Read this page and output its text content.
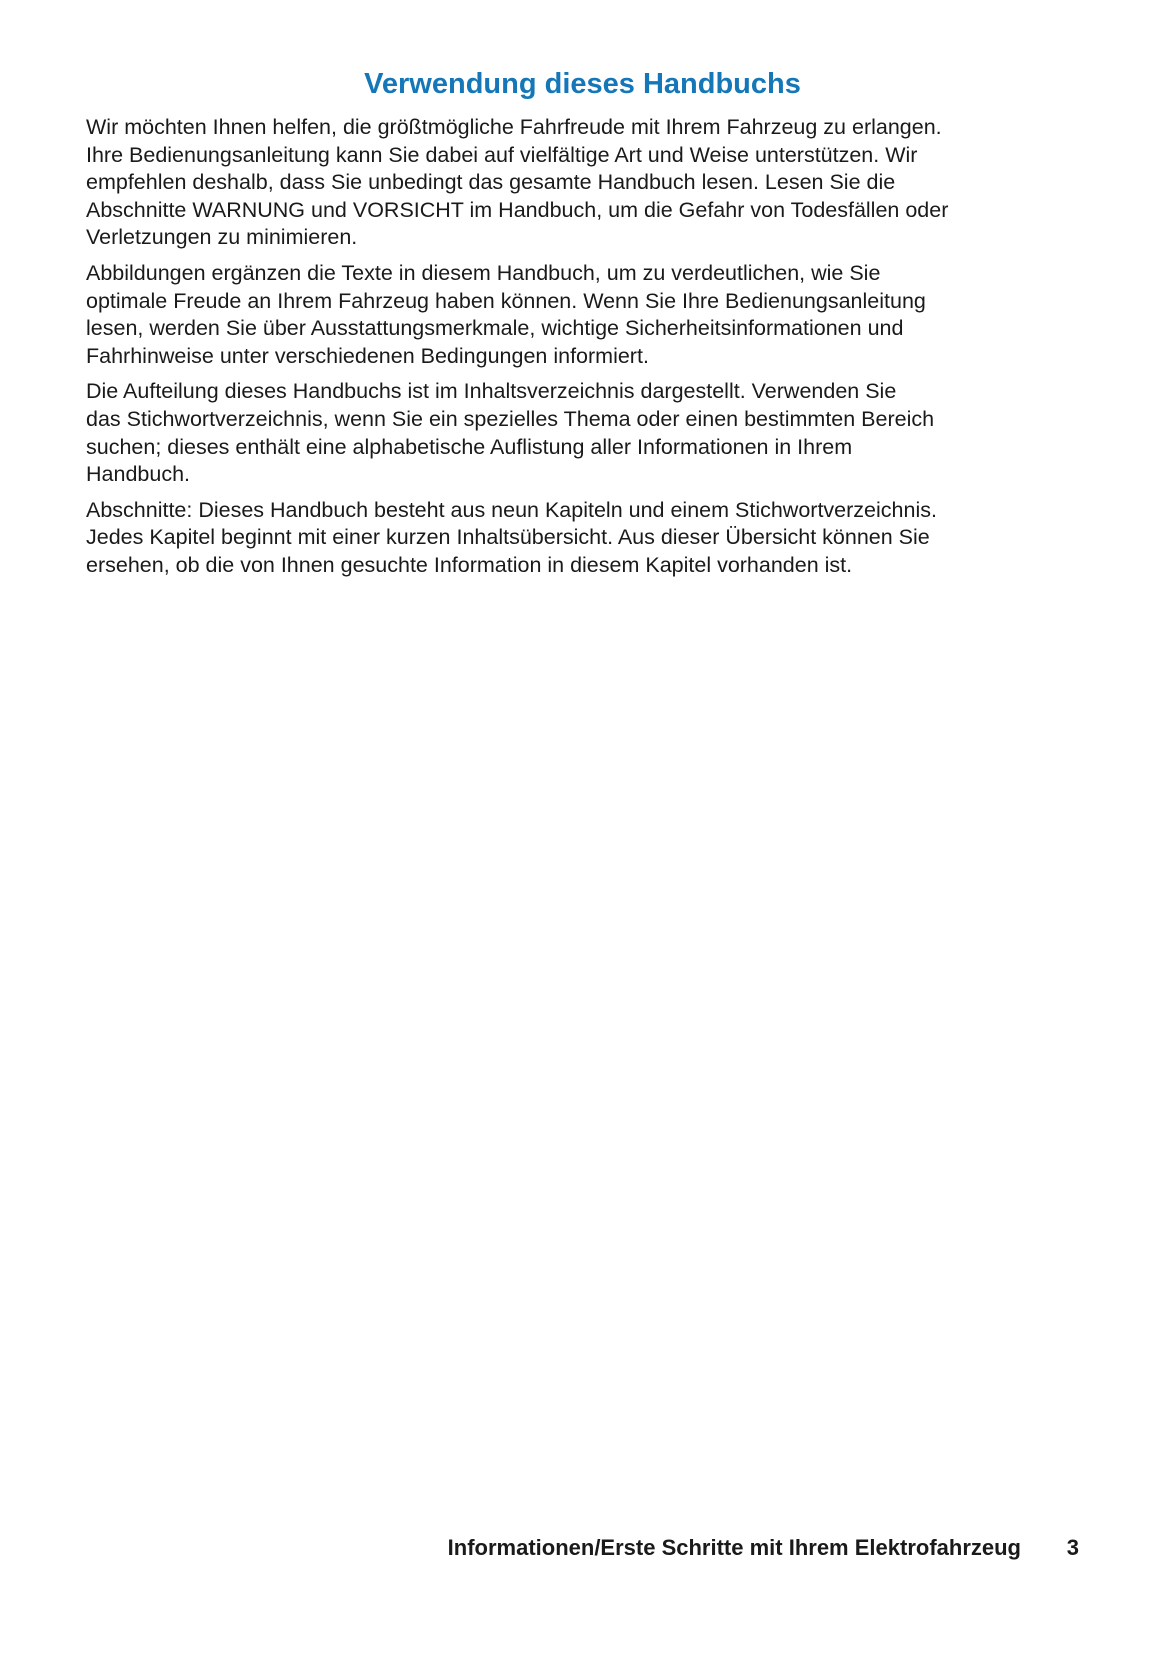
Verwendung dieses Handbuchs

Wir möchten Ihnen helfen, die größtmögliche Fahrfreude mit Ihrem Fahrzeug zu erlangen.
Ihre Bedienungsanleitung kann Sie dabei auf vielfältige Art und Weise unterstützen. Wir
empfehlen deshalb, dass Sie unbedingt das gesamte Handbuch lesen. Lesen Sie die
Abschnitte WARNUNG und VORSICHT im Handbuch, um die Gefahr von Todesfällen oder
Verletzungen zu minimieren.

Abbildungen ergänzen die Texte in diesem Handbuch, um zu verdeutlichen, wie Sie
optimale Freude an Ihrem Fahrzeug haben können. Wenn Sie Ihre Bedienungsanleitung
lesen, werden Sie über Ausstattungsmerkmale, wichtige Sicherheitsinformationen und
Fahrhinweise unter verschiedenen Bedingungen informiert.

Die Aufteilung dieses Handbuchs ist im Inhaltsverzeichnis dargestellt. Verwenden Sie
das Stichwortverzeichnis, wenn Sie ein spezielles Thema oder einen bestimmten Bereich
suchen; dieses enthält eine alphabetische Auflistung aller Informationen in Ihrem
Handbuch.

Abschnitte: Dieses Handbuch besteht aus neun Kapiteln und einem Stichwortverzeichnis.
Jedes Kapitel beginnt mit einer kurzen Inhaltsübersicht. Aus dieser Übersicht können Sie
ersehen, ob die von Ihnen gesuchte Information in diesem Kapitel vorhanden ist.

Informationen/Erste Schritte mit Ihrem Elektrofahrzeug 3
